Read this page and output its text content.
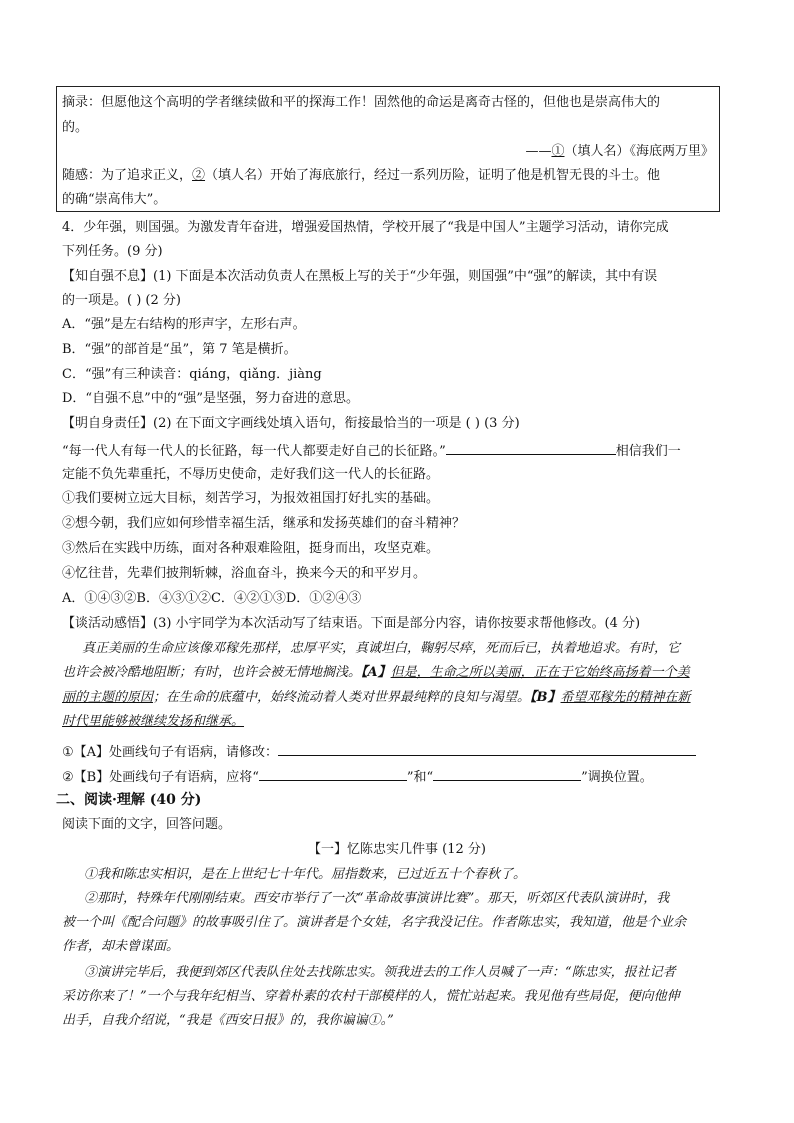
摘录：但愿他这个高明的学者继续做和平的探海工作！固然他的命运是离奇古怪的，但他也是崇高伟大的
的。
——①（填人名）《海底两万里》
随感：为了追求正义，②（填人名）开始了海底旅行，经过一系列历险，证明了他是机智无畏的斗士。他
的确“崇高伟大”。
4．少年强，则国强。为激发青年奋进，增强爱国热情，学校开展了“我是中国人”主题学习活动，请你完成
下列任务。(9 分)
【知自强不息】(1) 下面是本次活动负责人在黑板上写的关于“少年强，则国强”中“强”的解读，其中有误
的一项是。( ) (2 分)
A．“强”是左右结构的形声字，左形右声。
B．“强”的部首是“虽”，第 7 笔是横折。
C．“强”有三种读音：qiáng，qiǎng．jiàng
D．“自强不息”中的“强”是坚强，努力奋进的意思。
【明自身责任】(2) 在下面文字画线处填入语句，衔接最恰当的一项是 ( ) (3 分)
“每一代人有每一代人的长征路，每一代人都要走好自己的长征路。”	相信我们一
定能不负先辈重托，不辱历史使命，走好我们这一代人的长征路。
①我们要树立远大目标，刻苦学习，为报效祖国打好扎实的基础。
②想今朝，我们应如何珍惜幸福生活，继承和发扬英雄们的奋斗精神？
③然后在实践中历练，面对各种艰难险阻，挺身而出，攻坚克难。
④忆往昔，先辈们披荆斩棘，浴血奋斗，换来今天的和平岁月。
A．①④③②B．④③①②C．④②①③D．①②④③
【谈活动感悟】(3) 小宇同学为本次活动写了结束语。下面是部分内容，请你按要求帮他修改。(4 分)
真正美丽的生命应该像邓稼先那样，忠厚平实，真诚坦白，鞠躬尽瘁，死而后已，执着地追求。有时，它
也许会被冷酷地阻断；有时，也许会被无情地搁浅。【A】但是，生命之所以美丽，正在于它始终高扬着一个美
丽的主题的原因；在生命的底蕴中，始终流动着人类对世界最纯粹的良知与渴望。【B】希望邓稼先的精神在新
时代里能够被继续发扬和继承。
①【A】处画线句子有语病，请修改：
②【B】处画线句子有语病，应将“	”和“	”调换位置。
二、阅读·理解 (40 分)
阅读下面的文字，回答问题。
【一】忆陈忠实几件事 (12 分)
①我和陈忠实相识，是在上世纪七十年代。屈指数来，已过近五十个春秋了。
②那时，特殊年代刚刚结束。西安市举行了一次“革命故事演讲比赛”。那天，听郊区代表队演讲时，我
被一个叫《配合问题》的故事吸引住了。演讲者是个女娃，名字我没记住。作者陈忠实，我知道，他是个业余
作者，却未曾谋面。
③演讲完毕后，我便到郊区代表队住处去找陈忠实。领我进去的工作人员喊了一声：“陈忠实，报社记者
采访你来了！”一个与我年纪相当、穿着朴素的农村干部模样的人，慌忙站起来。我见他有些局促，便向他伸
出手，自我介绍说，“我是《西安日报》的，我你谝谝①。”
